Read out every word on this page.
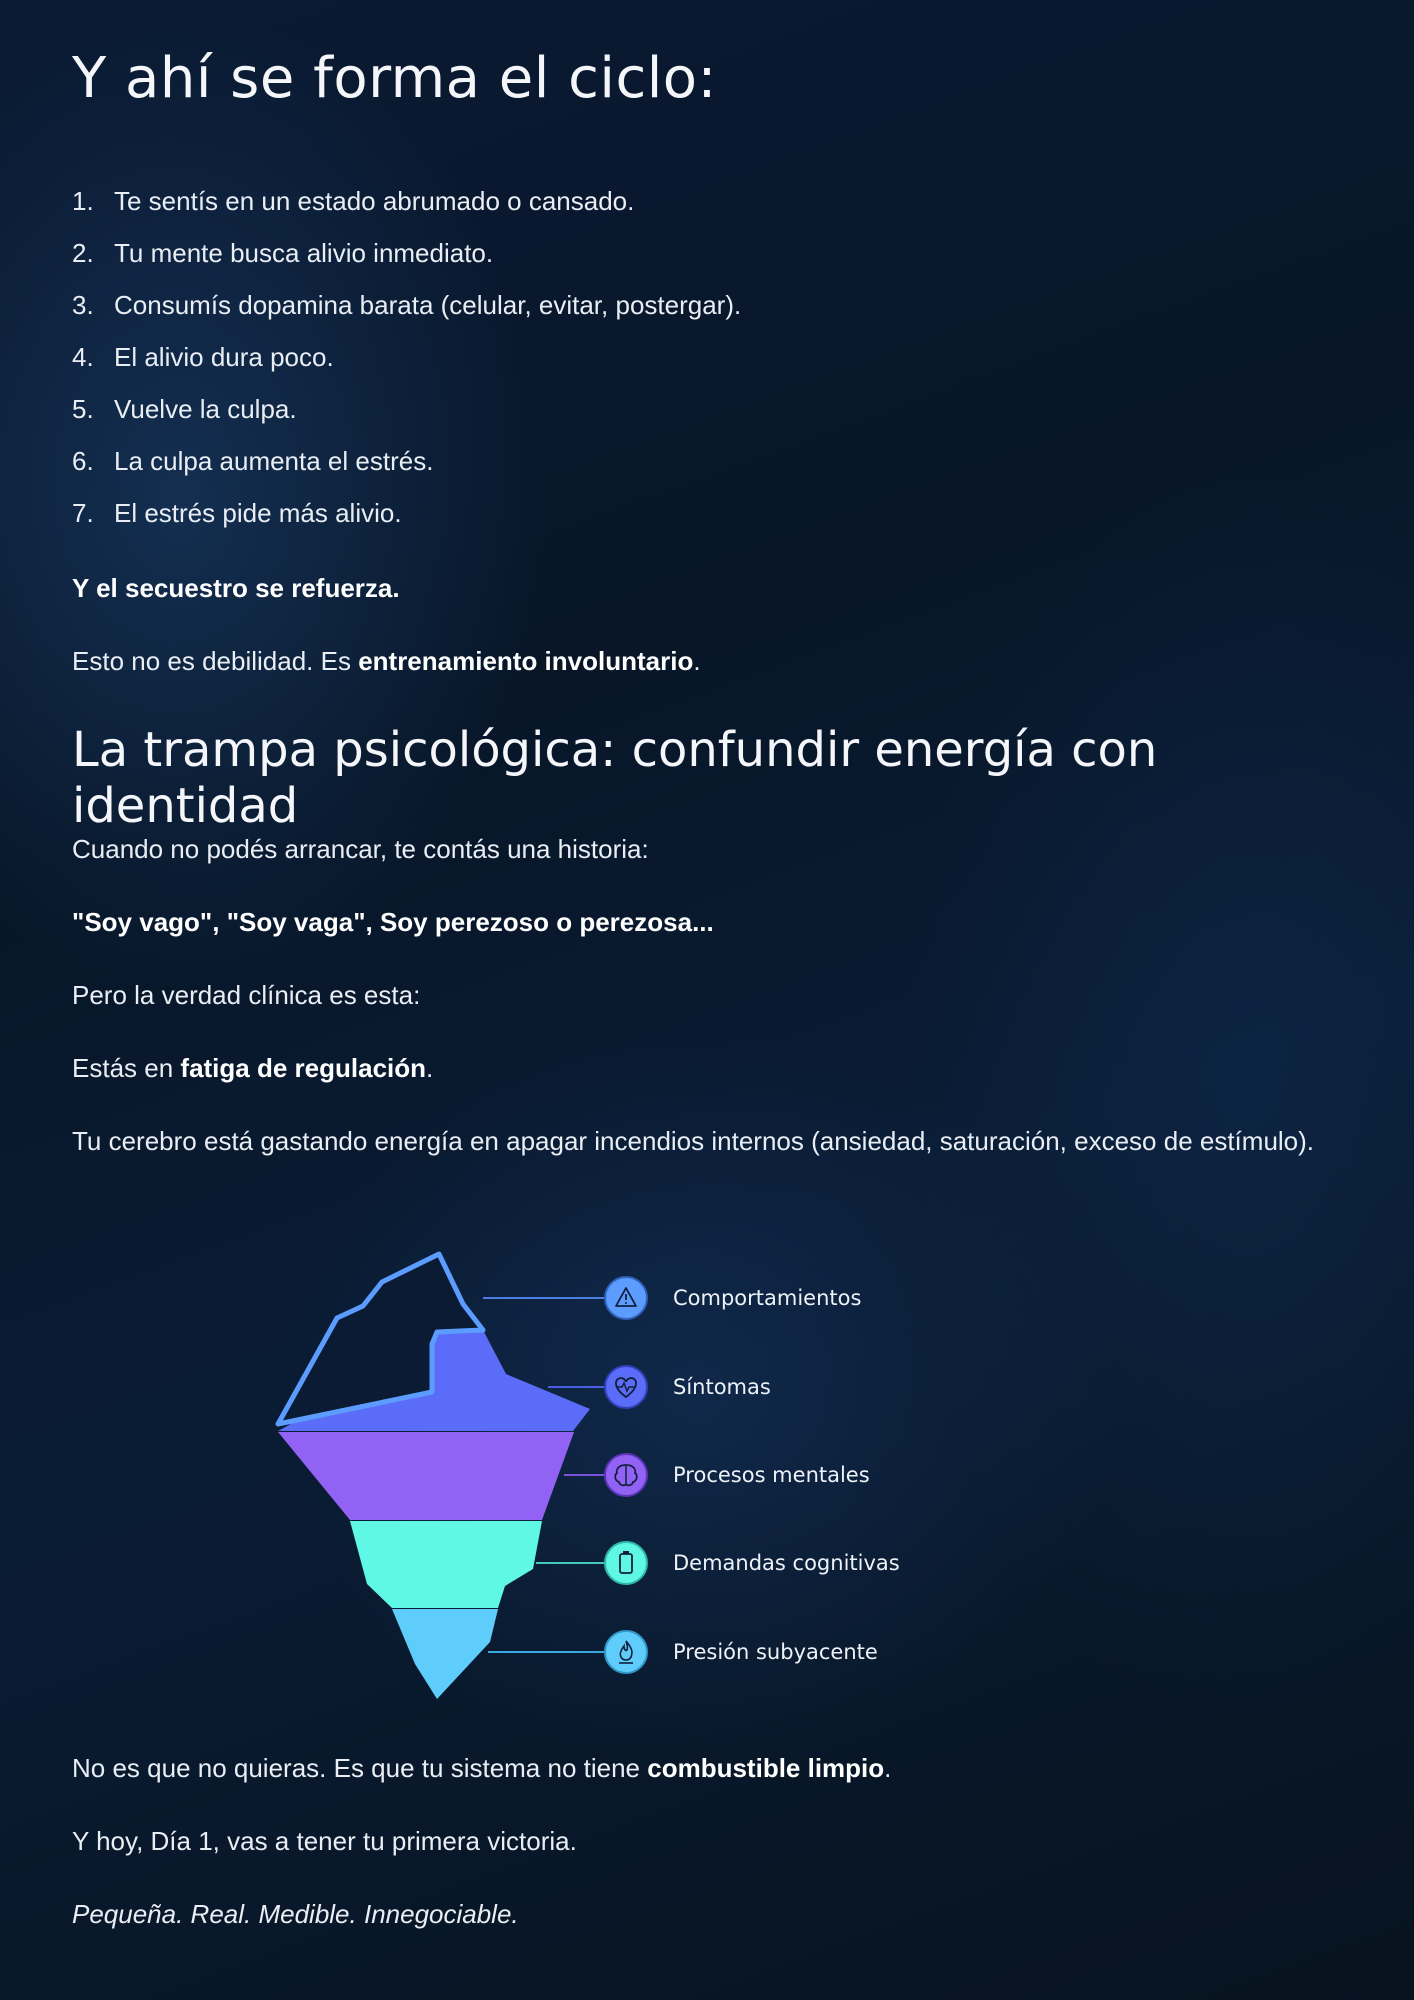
Y ahí se forma el ciclo:
1. Te sentís en un estado abrumado o cansado.
2. Tu mente busca alivio inmediato.
3. Consumís dopamina barata (celular, evitar, postergar).
4. El alivio dura poco.
5. Vuelve la culpa.
6. La culpa aumenta el estrés.
7. El estrés pide más alivio.

Y el secuestro se refuerza.

Esto no es debilidad. Es entrenamiento involuntario.

La trampa psicológica: confundir energía con identidad

Cuando no podés arrancar, te contás una historia:

"Soy vago", "Soy vaga", Soy perezoso o perezosa...

Pero la verdad clínica es esta:

Estás en fatiga de regulación.

Tu cerebro está gastando energía en apagar incendios internos (ansiedad, saturación, exceso de estímulo).

No es que no quieras. Es que tu sistema no tiene combustible limpio.

Y hoy, Día 1, vas a tener tu primera victoria.

Pequeña. Real. Medible. Innegociable.

Comportamientos
Síntomas
Procesos mentales
Demandas cognitivas
Presión subyacente
